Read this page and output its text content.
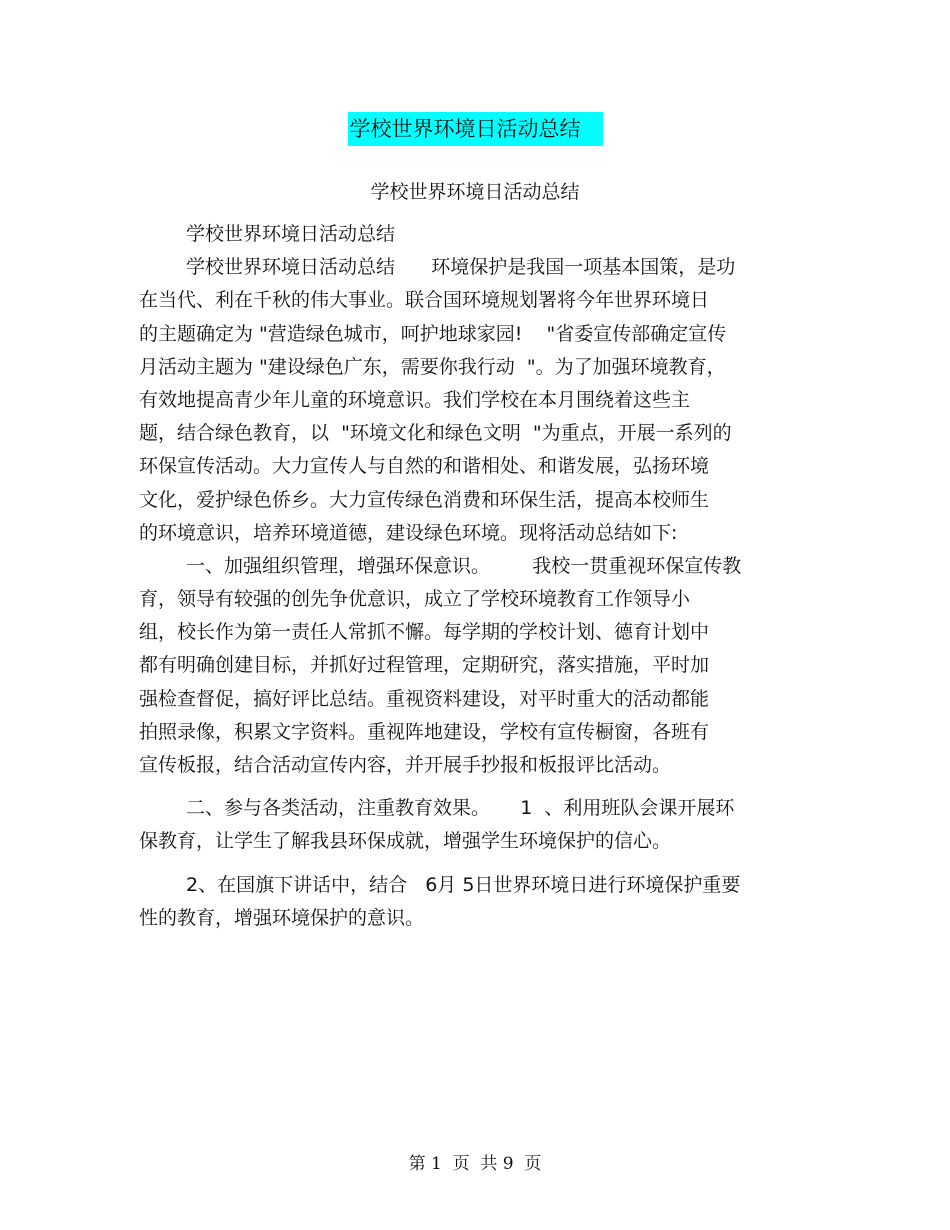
学校世界环境日活动总结
学校世界环境日活动总结
学校世界环境日活动总结
学校世界环境日活动总结      环境保护是我国一项基本国策，是功
在当代、利在千秋的伟大事业。联合国环境规划署将今年世界环境日
的主题确定为 "营造绿色城市，呵护地球家园!    "省委宣传部确定宣传
月活动主题为 "建设绿色广东，需要你我行动  "。为了加强环境教育，
有效地提高青少年儿童的环境意识。我们学校在本月围绕着这些主
题，结合绿色教育，以  "环境文化和绿色文明  "为重点，开展一系列的
环保宣传活动。大力宣传人与自然的和谐相处、和谐发展，弘扬环境
文化，爱护绿色侨乡。大力宣传绿色消费和环保生活，提高本校师生
的环境意识，培养环境道德，建设绿色环境。现将活动总结如下:
一、加强组织管理，增强环保意识。       我校一贯重视环保宣传教
育，领导有较强的创先争优意识，成立了学校环境教育工作领导小
组，校长作为第一责任人常抓不懈。每学期的学校计划、德育计划中
都有明确创建目标，并抓好过程管理，定期研究，落实措施，平时加
强检查督促，搞好评比总结。重视资料建设，对平时重大的活动都能
拍照录像，积累文字资料。重视阵地建设，学校有宣传橱窗，各班有
宣传板报，结合活动宣传内容，并开展手抄报和板报评比活动。
二、参与各类活动，注重教育效果。     1  、利用班队会课开展环
保教育，让学生了解我县环保成就，增强学生环境保护的信心。
2、在国旗下讲话中，结合   6月 5日世界环境日进行环境保护重要
性的教育，增强环境保护的意识。
第 1  页  共 9  页
